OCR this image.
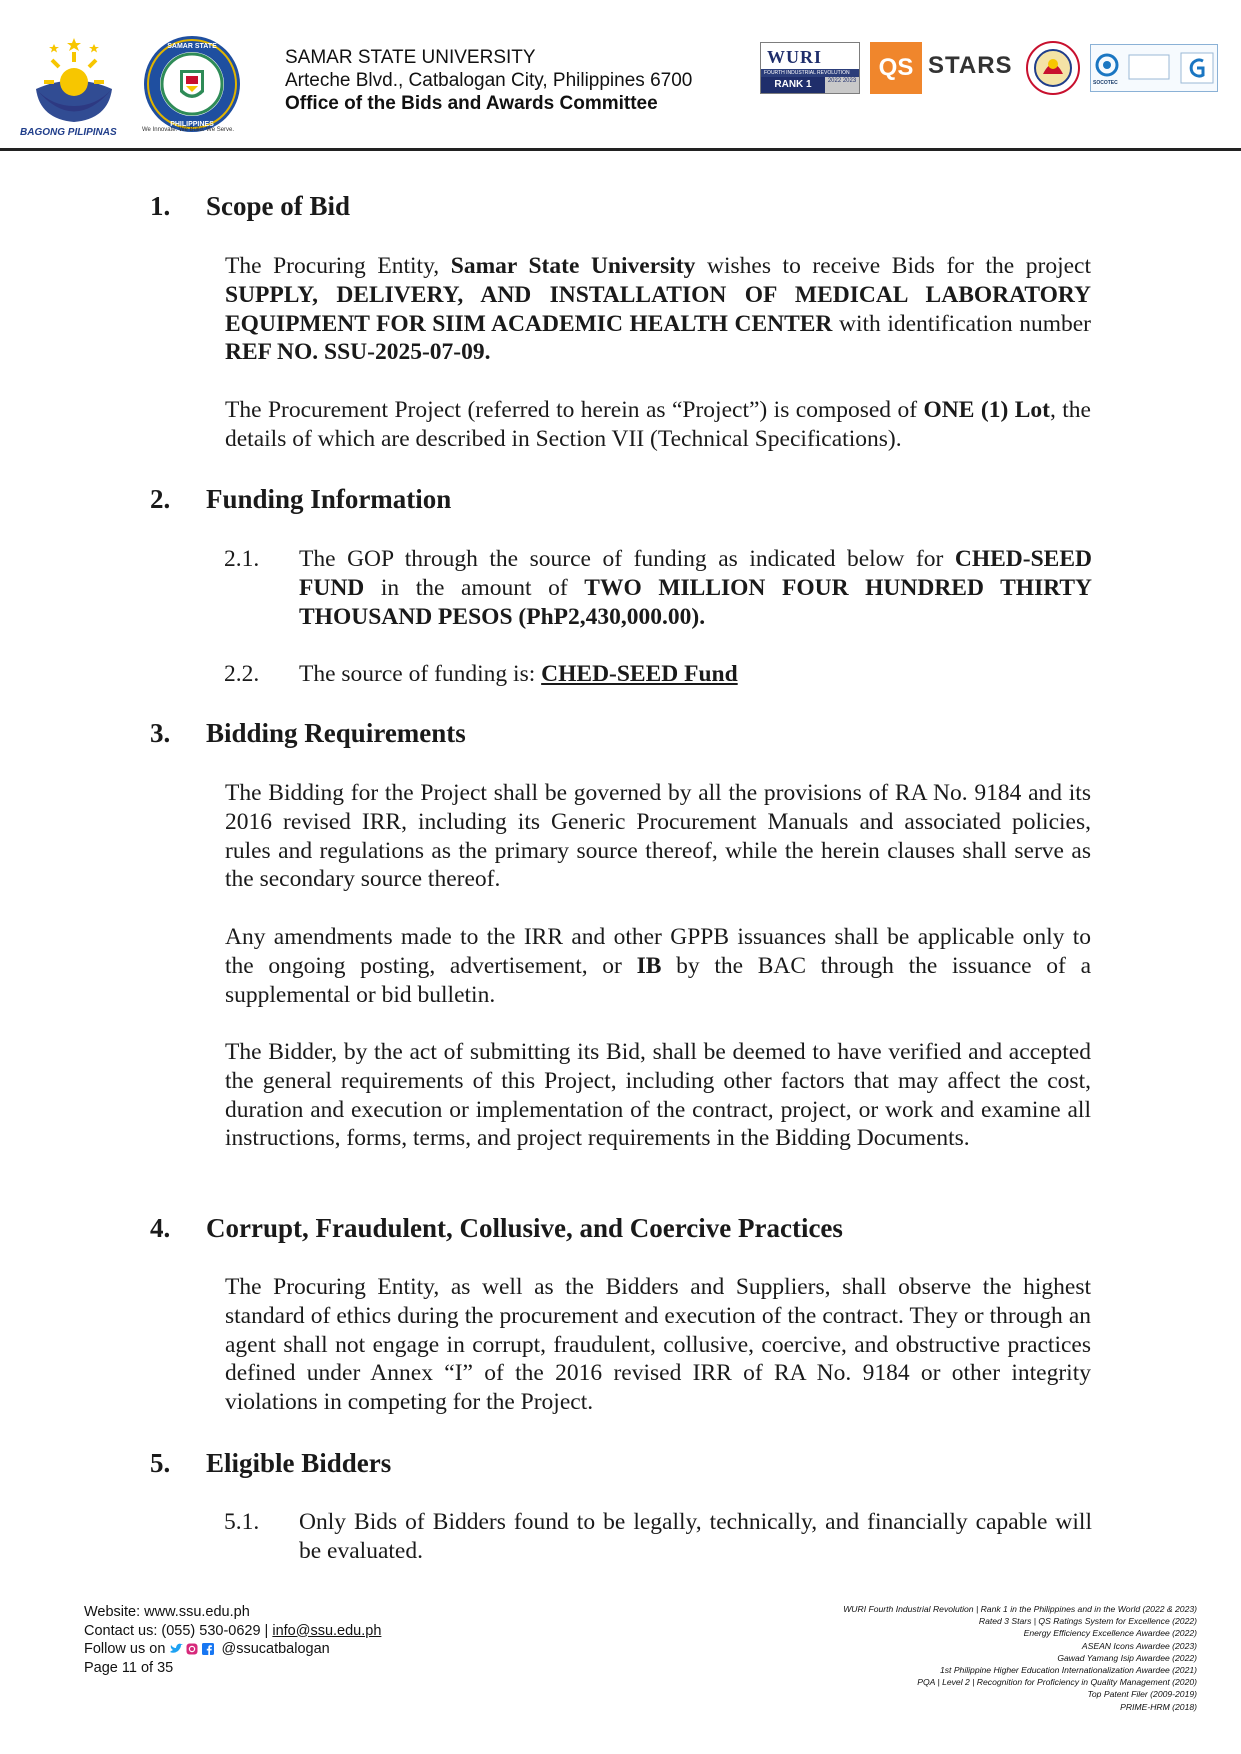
BAGONG PILIPINAS
SAMAR STATE
PHILIPPINES
We Innovate. We Build. We Serve.
SAMAR STATE UNIVERSITY
Arteche Blvd., Catbalogan City, Philippines 6700
Office of the Bids and Awards Committee
WURI
FOURTH INDUSTRIAL REVOLUTION
RANK 1	2022 2023 QS STARS
SOCOTEC
1. Scope of Bid
The Procuring Entity, Samar State University wishes to receive Bids for the project SUPPLY, DELIVERY, AND INSTALLATION OF MEDICAL LABORATORY EQUIPMENT FOR SIIM ACADEMIC HEALTH CENTER with identification number REF NO. SSU-2025-07-09.
The Procurement Project (referred to herein as “Project”) is composed of ONE (1) Lot, the details of which are described in Section VII (Technical Specifications).
2. Funding Information
2.1. The GOP through the source of funding as indicated below for CHED-SEED FUND in the amount of TWO MILLION FOUR HUNDRED THIRTY THOUSAND PESOS (PhP2,430,000.00).
2.2. The source of funding is: CHED-SEED Fund
3. Bidding Requirements
The Bidding for the Project shall be governed by all the provisions of RA No. 9184 and its 2016 revised IRR, including its Generic Procurement Manuals and associated policies, rules and regulations as the primary source thereof, while the herein clauses shall serve as the secondary source thereof.
Any amendments made to the IRR and other GPPB issuances shall be applicable only to the ongoing posting, advertisement, or IB by the BAC through the issuance of a supplemental or bid bulletin.
The Bidder, by the act of submitting its Bid, shall be deemed to have verified and accepted the general requirements of this Project, including other factors that may affect the cost, duration and execution or implementation of the contract, project, or work and examine all instructions, forms, terms, and project requirements in the Bidding Documents.
4. Corrupt, Fraudulent, Collusive, and Coercive Practices
The Procuring Entity, as well as the Bidders and Suppliers, shall observe the highest standard of ethics during the procurement and execution of the contract. They or through an agent shall not engage in corrupt, fraudulent, collusive, coercive, and obstructive practices defined under Annex “I” of the 2016 revised IRR of RA No. 9184 or other integrity violations in competing for the Project.
5. Eligible Bidders
5.1. Only Bids of Bidders found to be legally, technically, and financially capable will be evaluated.
Website: www.ssu.edu.ph
Contact us: (055) 530-0629 | info@ssu.edu.ph
Follow us on	@ssucatbalogan
Page 11 of 35
WURI Fourth Industrial Revolution | Rank 1 in the Philippines and in the World (2022 & 2023)
Rated 3 Stars | QS Ratings System for Excellence (2022)
Energy Efficiency Excellence Awardee (2022)
ASEAN Icons Awardee (2023)
Gawad Yamang Isip Awardee (2022)
1st Philippine Higher Education Internationalization Awardee (2021)
PQA | Level 2 | Recognition for Proficiency in Quality Management (2020)
Top Patent Filer (2009-2019)
PRIME-HRM (2018)
